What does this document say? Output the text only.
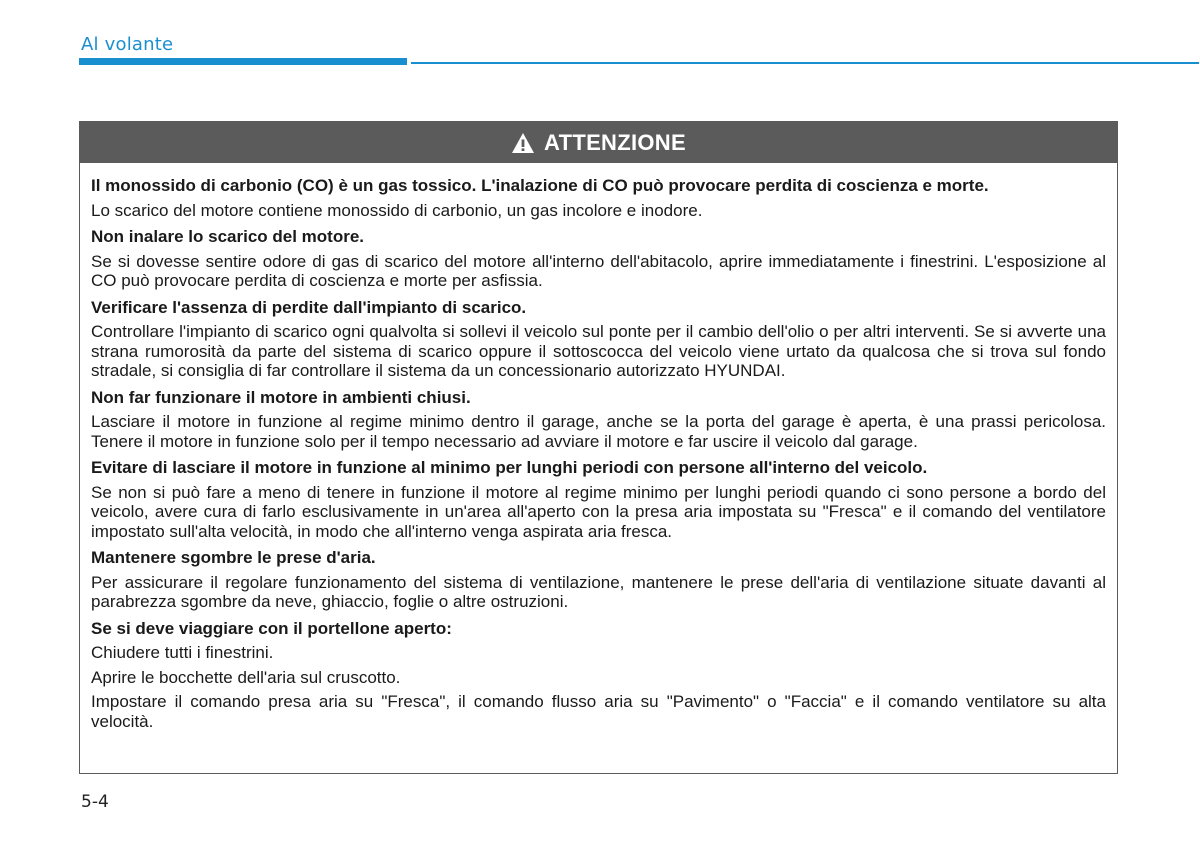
Al volante
ATTENZIONE

Il monossido di carbonio (CO) è un gas tossico. L'inalazione di CO può provocare perdita di coscienza e morte.

Lo scarico del motore contiene monossido di carbonio, un gas incolore e inodore.

Non inalare lo scarico del motore.

Se si dovesse sentire odore di gas di scarico del motore all'interno dell'abitacolo, aprire immediatamente i finestrini. L'esposizione al CO può provocare perdita di coscienza e morte per asfissia.

Verificare l'assenza di perdite dall'impianto di scarico.

Controllare l'impianto di scarico ogni qualvolta si sollevi il veicolo sul ponte per il cambio dell'olio o per altri interventi. Se si avverte una strana rumorosità da parte del sistema di scarico oppure il sottoscocca del veicolo viene urtato da qualcosa che si trova sul fondo stradale, si consiglia di far controllare il sistema da un concessionario autorizzato HYUNDAI.

Non far funzionare il motore in ambienti chiusi.

Lasciare il motore in funzione al regime minimo dentro il garage, anche se la porta del garage è aperta, è una prassi pericolosa. Tenere il motore in funzione solo per il tempo necessario ad avviare il motore e far uscire il veicolo dal garage.

Evitare di lasciare il motore in funzione al minimo per lunghi periodi con persone all'interno del veicolo.

Se non si può fare a meno di tenere in funzione il motore al regime minimo per lunghi periodi quando ci sono persone a bordo del veicolo, avere cura di farlo esclusivamente in un'area all'aperto con la presa aria impostata su "Fresca" e il comando del ventilatore impostato sull'alta velocità, in modo che all'interno venga aspirata aria fresca.

Mantenere sgombre le prese d'aria.

Per assicurare il regolare funzionamento del sistema di ventilazione, mantenere le prese dell'aria di ventilazione situate davanti al parabrezza sgombre da neve, ghiaccio, foglie o altre ostruzioni.

Se si deve viaggiare con il portellone aperto:

Chiudere tutti i finestrini.

Aprire le bocchette dell'aria sul cruscotto.

Impostare il comando presa aria su "Fresca", il comando flusso aria su "Pavimento" o "Faccia" e il comando ventilatore su alta velocità.

5-4
